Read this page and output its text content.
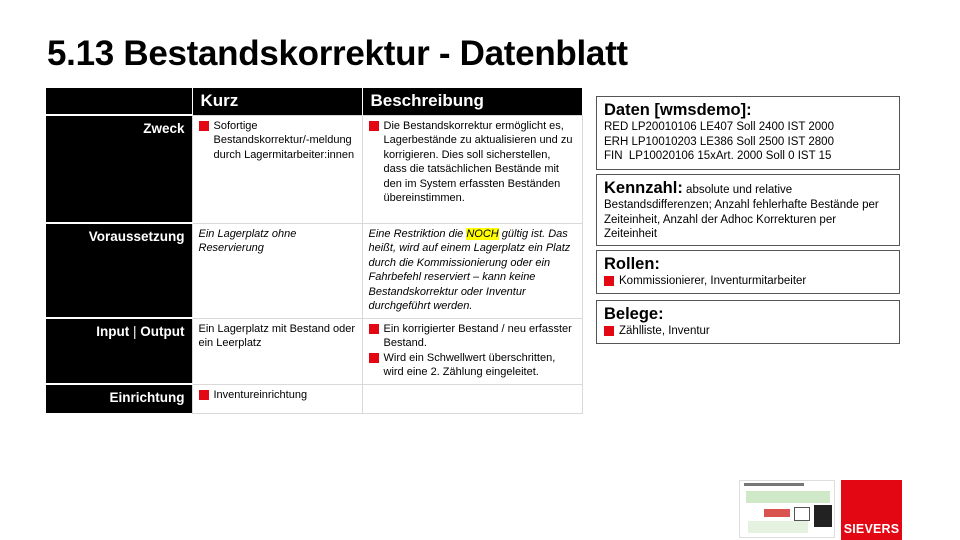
5.13 Bestandskorrektur - Datenblatt
	Kurz	Beschreibung
Zweck	Sofortige Bestandskorrektur/-meldung durch Lagermitarbeiter:innen	Die Bestandskorrektur ermöglicht es, Lagerbestände zu aktualisieren und zu korrigieren. Dies soll sicherstellen, dass die tatsächlichen Bestände mit den im System erfassten Beständen übereinstimmen.

Voraussetzung	Ein Lagerplatz ohne Reservierung	Eine Restriktion die NOCH gültig ist. Das heißt, wird auf einem Lagerplatz ein Platz durch die Kommissionierung oder ein Fahrbefehl reserviert – kann keine Bestandskorrektur oder Inventur durchgeführt werden.
Input | Output	Ein Lagerplatz mit Bestand oder ein Leerplatz	Ein korrigierter Bestand / neu erfasster Bestand.
Wird ein Schwellwert überschritten, wird eine 2. Zählung eingeleitet.

Einrichtung	Inventureinrichtung	

Daten [wmsdemo]:
RED LP20010106 LE407 Soll 2400 IST 2000
ERH LP10010203 LE386 Soll 2500 IST 2800
FIN  LP10020106 15xArt. 2000 Soll 0 IST 15
Kennzahl: absolute und relative Bestandsdifferenzen; Anzahl fehlerhafte Bestände per Zeiteinheit, Anzahl der Adhoc Korrekturen per Zeiteinheit
Rollen:
Kommissionierer, Inventurmitarbeiter
Belege:
Zählliste, Inventur
SIEVERS
